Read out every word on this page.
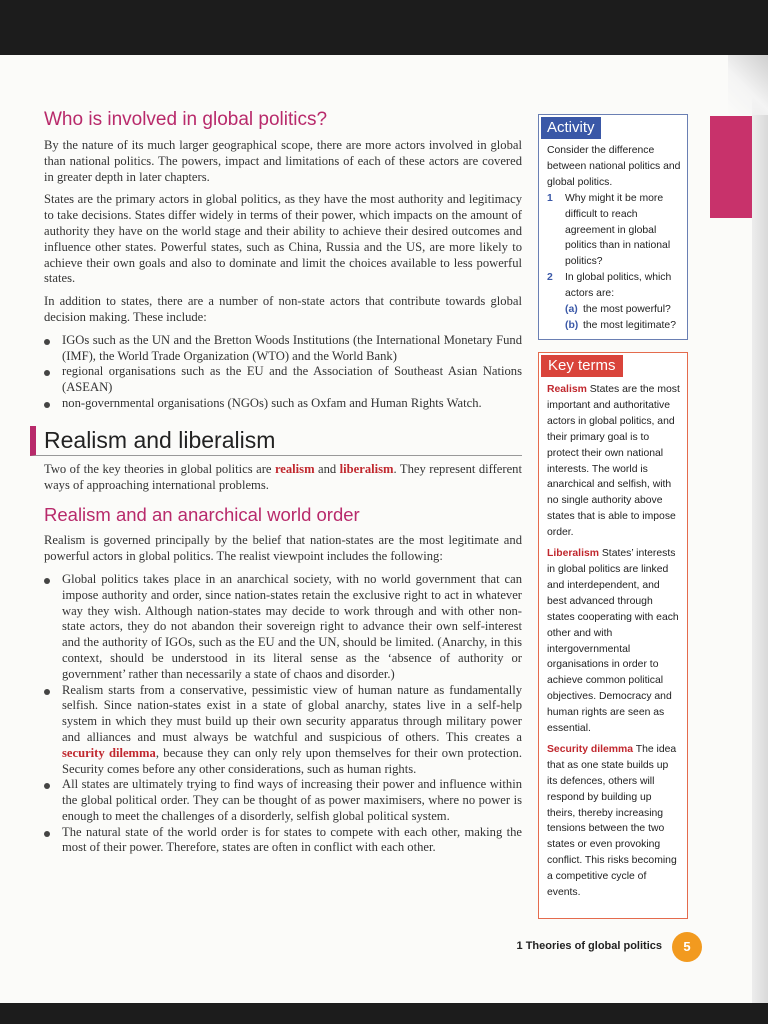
Who is involved in global politics?

By the nature of its much larger geographical scope, there are more actors involved in global than national politics. The powers, impact and limitations of each of these actors are covered in greater depth in later chapters.

States are the primary actors in global politics, as they have the most authority and legitimacy to take decisions. States differ widely in terms of their power, which impacts on the amount of authority they have on the world stage and their ability to achieve their desired outcomes and influence other states. Powerful states, such as China, Russia and the US, are more likely to achieve their own goals and also to dominate and limit the choices available to less powerful states.

In addition to states, there are a number of non-state actors that contribute towards global decision making. These include:

IGOs such as the UN and the Bretton Woods Institutions (the International Monetary Fund (IMF), the World Trade Organization (WTO) and the World Bank)
regional organisations such as the EU and the Association of Southeast Asian Nations (ASEAN)
non-governmental organisations (NGOs) such as Oxfam and Human Rights Watch.
Realism and liberalism

Two of the key theories in global politics are realism and liberalism. They represent different ways of approaching international problems.

Realism and an anarchical world order

Realism is governed principally by the belief that nation-states are the most legitimate and powerful actors in global politics. The realist viewpoint includes the following:

Global politics takes place in an anarchical society, with no world government that can impose authority and order, since nation-states retain the exclusive right to act in whatever way they wish. Although nation-states may decide to work through and with other non-state actors, they do not abandon their sovereign right to advance their own self-interest and the authority of IGOs, such as the EU and the UN, should be limited. (Anarchy, in this context, should be understood in its literal sense as the ‘absence of authority or government’ rather than necessarily a state of chaos and disorder.)
Realism starts from a conservative, pessimistic view of human nature as fundamentally selfish. Since nation-states exist in a state of global anarchy, states live in a self-help system in which they must build up their own security apparatus through military power and alliances and must always be watchful and suspicious of others. This creates a security dilemma, because they can only rely upon themselves for their own protection. Security comes before any other considerations, such as human rights.
All states are ultimately trying to find ways of increasing their power and influence within the global political order. They can be thought of as power maximisers, where no power is enough to meet the challenges of a disorderly, selfish global political system.
The natural state of the world order is for states to compete with each other, making the most of their power. Therefore, states are often in conflict with each other.
Activity
Consider the difference between national politics and global politics.
1 Why might it be more difficult to reach agreement in global politics than in national politics?
2 In global politics, which actors are:
(a) the most powerful?
(b) the most legitimate?
Key terms
Realism States are the most important and authoritative actors in global politics, and their primary goal is to protect their own national interests. The world is anarchical and selfish, with no single authority above states that is able to impose order.
Liberalism States’ interests in global politics are linked and interdependent, and best advanced through states cooperating with each other and with intergovernmental organisations in order to achieve common political objectives. Democracy and human rights are seen as essential.
Security dilemma The idea that as one state builds up its defences, others will respond by building up theirs, thereby increasing tensions between the two states or even provoking conflict. This risks becoming a competitive cycle of events.
1 Theories of global politics	5
